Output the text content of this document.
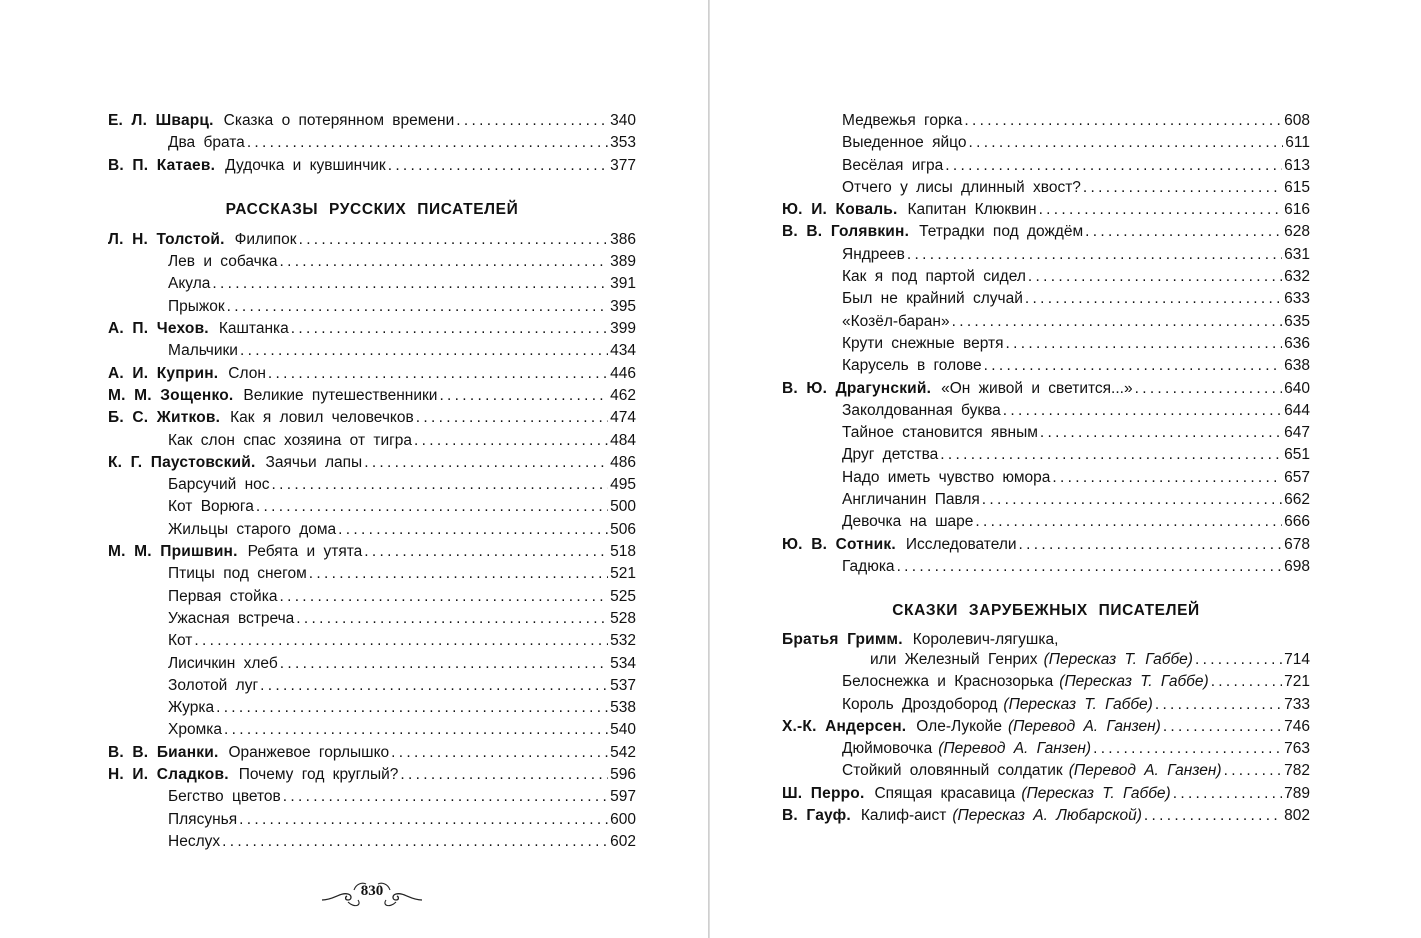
Е. Л. Шварц. Сказка о потерянном времени . . .	340
Два брата . . .	353
В. П. Катаев. Дудочка и кувшинчик . . .	377
РАССКАЗЫ РУССКИХ ПИСАТЕЛЕЙ
Л. Н. Толстой. Филипок . . .	386
Лев и собачка . . .	389
Акула . . .	391
Прыжок . . .	395
А. П. Чехов. Каштанка . . .	399
Мальчики . . .	434
А. И. Куприн. Слон . . .	446
М. М. Зощенко. Великие путешественники . . .	462
Б. С. Житков. Как я ловил человечков . . .	474
Как слон спас хозяина от тигра . . .	484
К. Г. Паустовский. Заячьи лапы . . .	486
Барсучий нос . . .	495
Кот Ворюга . . .	500
Жильцы старого дома . . .	506
М. М. Пришвин. Ребята и утята . . .	518
Птицы под снегом . . .	521
Первая стойка . . .	525
Ужасная встреча . . .	528
Кот . . .	532
Лисичкин хлеб . . .	534
Золотой луг . . .	537
Журка . . .	538
Хромка . . .	540
В. В. Бианки. Оранжевое горлышко . . .	542
Н. И. Сладков. Почему год круглый? . . .	596
Бегство цветов . . .	597
Плясунья . . .	600
Неслух . . .	602
830
Медвежья горка . . .	608
Выеденное яйцо . . .	611
Весёлая игра . . .	613
Отчего у лисы длинный хвост? . . .	615
Ю. И. Коваль. Капитан Клюквин . . .	616
В. В. Голявкин. Тетрадки под дождём . . .	628
Яндреев . . .	631
Как я под партой сидел . . .	632
Был не крайний случай . . .	633
«Козёл-баран» . . .	635
Крути снежные вертя . . .	636
Карусель в голове . . .	638
В. Ю. Драгунский. «Он живой и светится...» . . .	640
Заколдованная буква . . .	644
Тайное становится явным . . .	647
Друг детства . . .	651
Надо иметь чувство юмора . . .	657
Англичанин Павля . . .	662
Девочка на шаре . . .	666
Ю. В. Сотник. Исследователи . . .	678
Гадюка . . .	698
СКАЗКИ ЗАРУБЕЖНЫХ ПИСАТЕЛЕЙ
Братья Гримм. Королевич-лягушка,
или Железный Генрих (Пересказ Т. Габбе) . . .	714
Белоснежка и Краснозорька (Пересказ Т. Габбе) . . .	721
Король Дроздобород (Пересказ Т. Габбе) . . .	733
Х.-К. Андерсен. Оле-Лукойе (Перевод А. Ганзен) . . .	746
Дюймовочка (Перевод А. Ганзен) . . .	763
Стойкий оловянный солдатик (Перевод А. Ганзен) . . .	782
Ш. Перро. Спящая красавица (Пересказ Т. Габбе) . . .	789
В. Гауф. Калиф-аист (Пересказ А. Любарской) . . .	802
